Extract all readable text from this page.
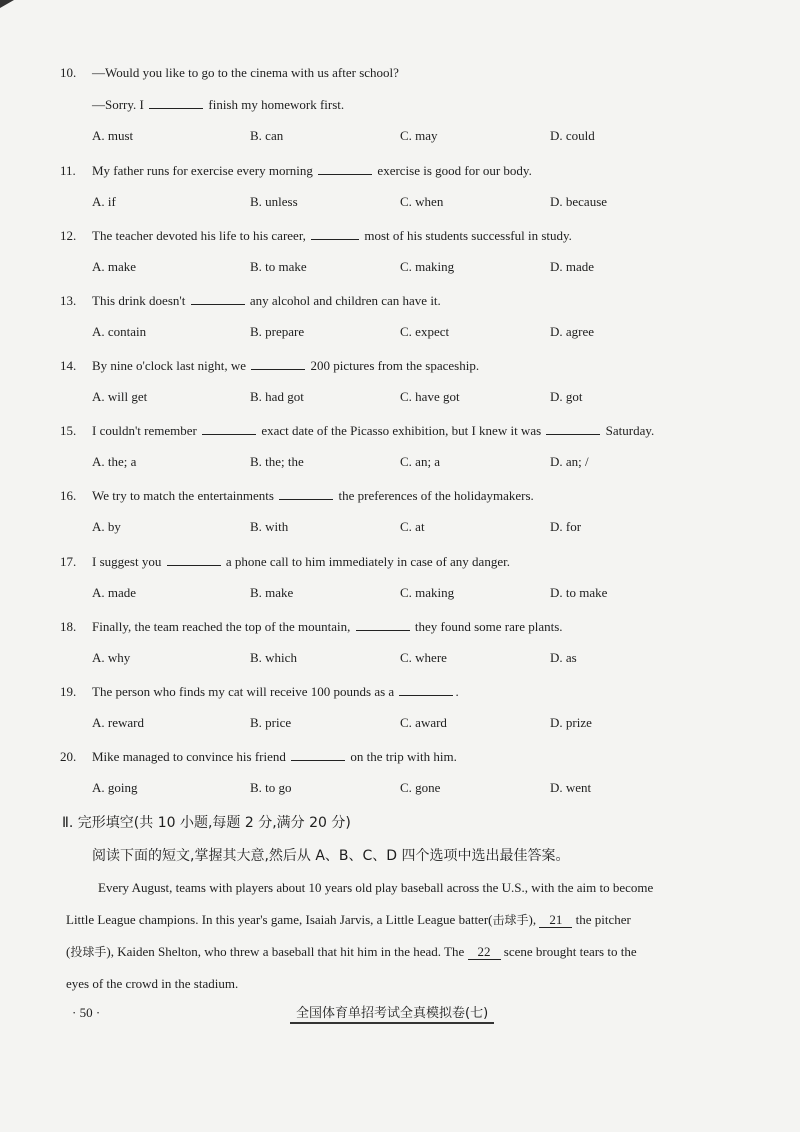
10. —Would you like to go to the cinema with us after school?
—Sorry. I	finish my homework first.
A. must	B. can	C. may	D. could
11. My father runs for exercise every morning	exercise is good for our body.
A. if	B. unless	C. when	D. because
12. The teacher devoted his life to his career,	most of his students successful in study.
A. make	B. to make	C. making	D. made
13. This drink doesn't	any alcohol and children can have it.
A. contain	B. prepare	C. expect	D. agree
14. By nine o'clock last night, we	200 pictures from the spaceship.
A. will get	B. had got	C. have got	D. got
15. I couldn't remember	exact date of the Picasso exhibition, but I knew it was	Saturday.
A. the; a	B. the; the	C. an; a	D. an; /
16. We try to match the entertainments	the preferences of the holidaymakers.
A. by	B. with	C. at	D. for
17. I suggest you	a phone call to him immediately in case of any danger.
A. made	B. make	C. making	D. to make
18. Finally, the team reached the top of the mountain,	they found some rare plants.
A. why	B. which	C. where	D. as
19. The person who finds my cat will receive 100 pounds as a	.
A. reward	B. price	C. award	D. prize
20. Mike managed to convince his friend	on the trip with him.
A. going	B. to go	C. gone	D. went
Ⅱ. 完形填空(共 10 小题,每题 2 分,满分 20 分)
阅读下面的短文,掌握其大意,然后从 A、B、C、D 四个选项中选出最佳答案。
Every August, teams with players about 10 years old play baseball across the U.S., with the aim to become
Little League champions. In this year's game, Isaiah Jarvis, a Little League batter(击球手), 21 the pitcher
(投球手), Kaiden Shelton, who threw a baseball that hit him in the head. The 22 scene brought tears to the
eyes of the crowd in the stadium.
· 50 ·	全国体育单招考试全真模拟卷(七)
